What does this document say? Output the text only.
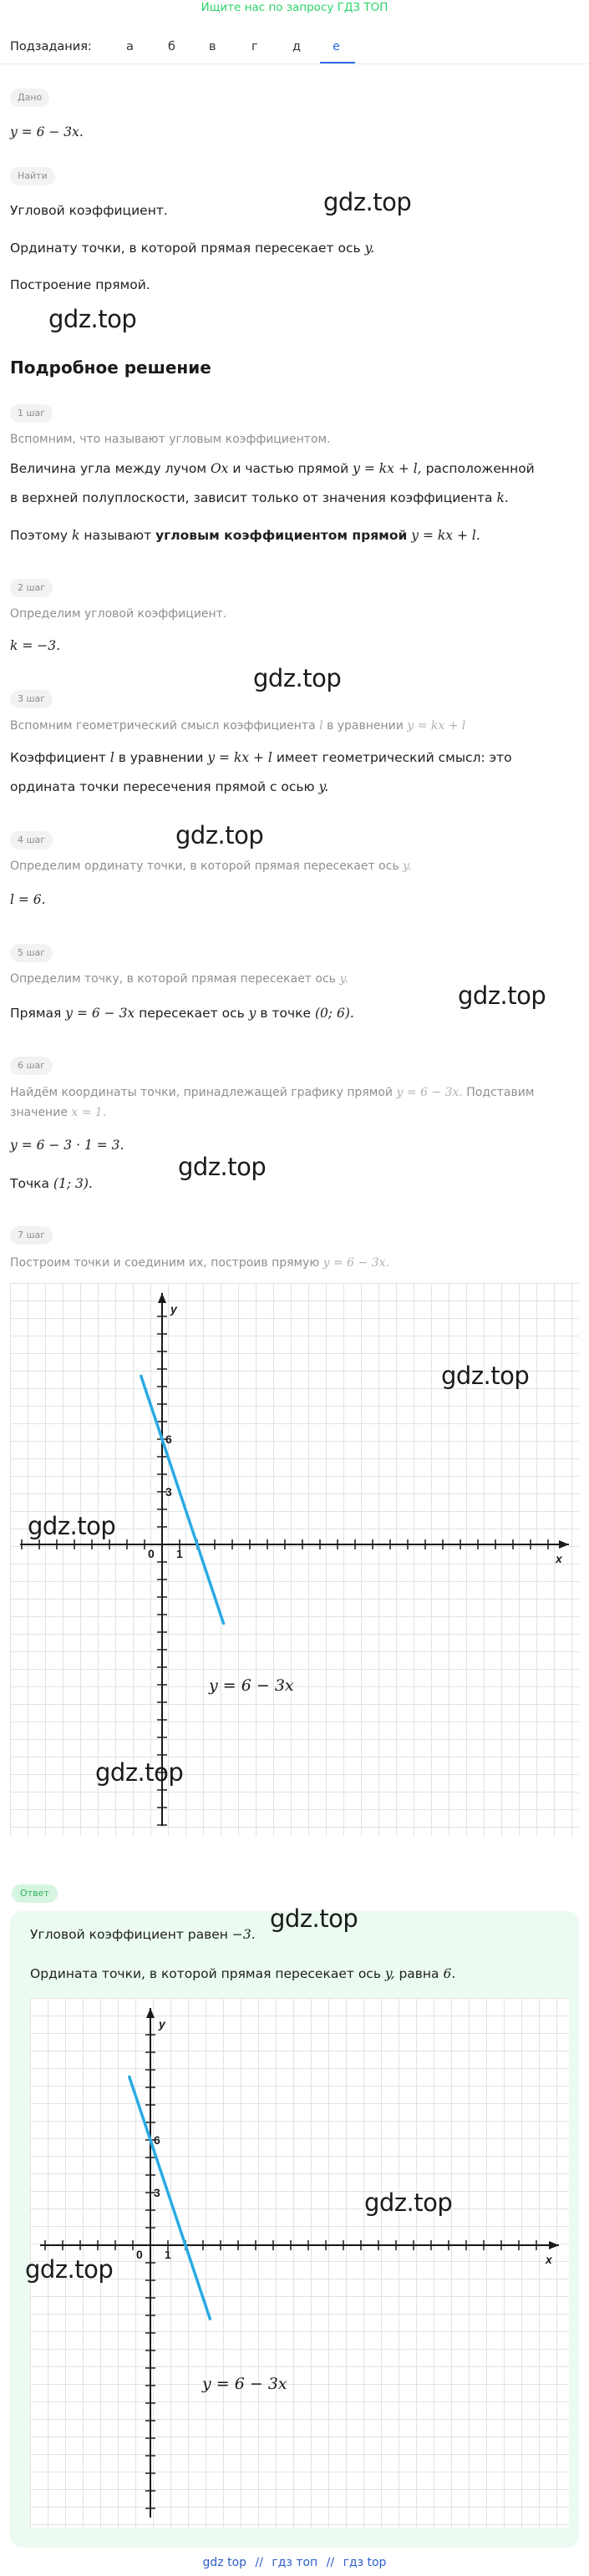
Ищите нас по запросу ГДЗ ТОП
Подзадания:	а	б	в	г	д	е
Дано
y = 6 − 3x.
Найти
Угловой коэффициент.
Ординату точки, в которой прямая пересекает ось y.
Построение прямой.
Подробное решение
1 шаг
Вспомним, что называют угловым коэффициентом.
Величина угла между лучом Ox и частью прямой y = kx + l, расположенной
в верхней полуплоскости, зависит только от значения коэффициента k.
Поэтому k называют угловым коэффициентом прямой y = kx + l.
2 шаг
Определим угловой коэффициент.
k = −3.
3 шаг
Вспомним геометрический смысл коэффициента l в уравнении y = kx + l
Коэффициент l в уравнении y = kx + l имеет геометрический смысл: это
ордината точки пересечения прямой с осью y.
4 шаг
Определим ординату точки, в которой прямая пересекает ось y.
l = 6.
5 шаг
Определим точку, в которой прямая пересекает ось y.
Прямая y = 6 − 3x пересекает ось y в точке (0; 6).
6 шаг
Найдём координаты точки, принадлежащей графику прямой y = 6 − 3x. Подставим
значение x = 1.
y = 6 − 3 · 1 = 3.
Точка (1; 3).
7 шаг
Построим точки и соединим их, построив прямую y = 6 − 3x.
x
y
0 1
3
6
y = 6 − 3x
Ответ
Угловой коэффициент равен −3.
Ордината точки, в которой прямая пересекает ось y, равна 6.
x
y
0 1
3
6
y = 6 − 3x
gdz.top
gdz.top
gdz.top
gdz.top
gdz.top
gdz.top
gdz.top
gdz.top
gdz.top
gdz.top
gdz.top
gdz.top
gdz top // гдз топ // гдз top
